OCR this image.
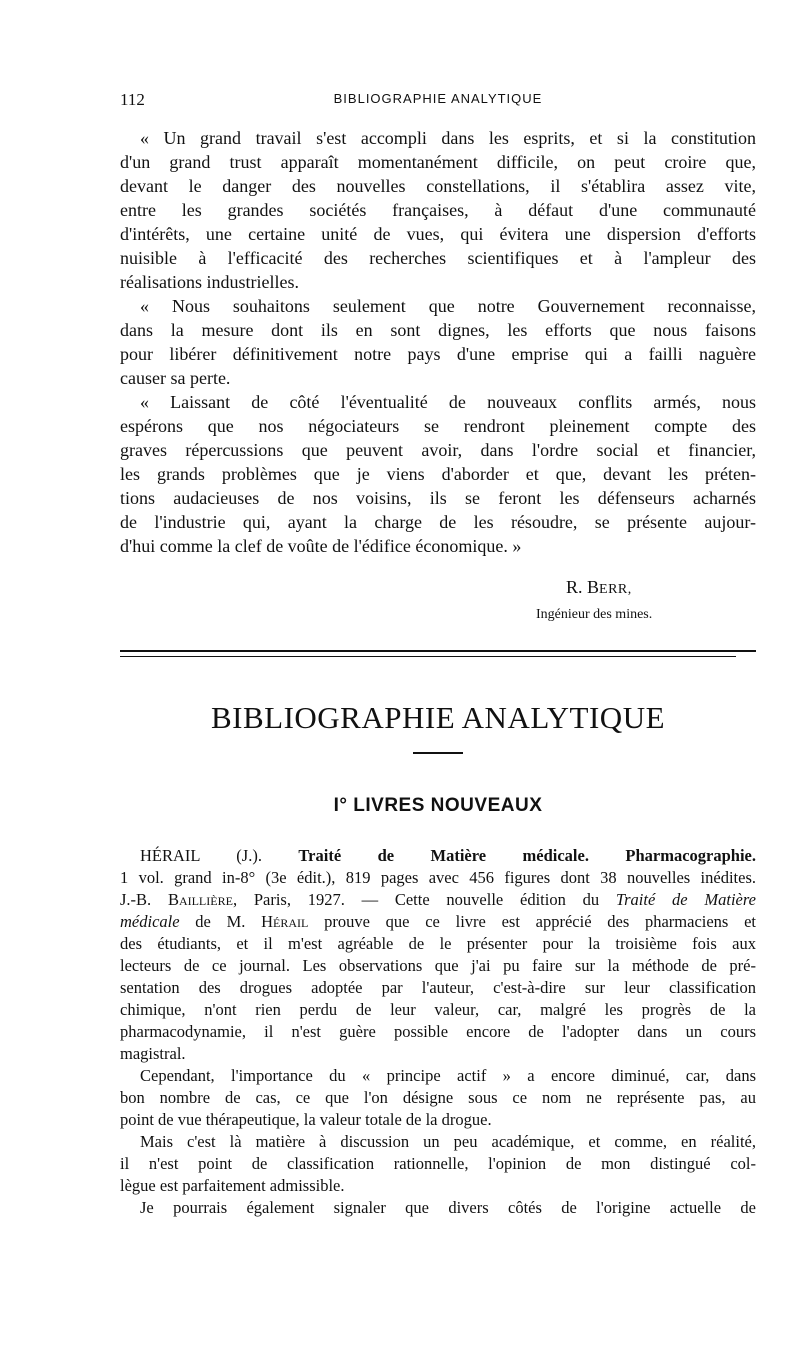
112	BIBLIOGRAPHIE ANALYTIQUE
« Un grand travail s'est accompli dans les esprits, et si la constitution
d'un grand trust apparaît momentanément difficile, on peut croire que,
devant le danger des nouvelles constellations, il s'établira assez vite,
entre les grandes sociétés françaises, à défaut d'une communauté
d'intérêts, une certaine unité de vues, qui évitera une dispersion d'efforts
nuisible à l'efficacité des recherches scientifiques et à l'ampleur des
réalisations industrielles.
« Nous souhaitons seulement que notre Gouvernement reconnaisse,
dans la mesure dont ils en sont dignes, les efforts que nous faisons
pour libérer définitivement notre pays d'une emprise qui a failli naguère
causer sa perte.
« Laissant de côté l'éventualité de nouveaux conflits armés, nous
espérons que nos négociateurs se rendront pleinement compte des
graves répercussions que peuvent avoir, dans l'ordre social et financier,
les grands problèmes que je viens d'aborder et que, devant les préten-
tions audacieuses de nos voisins, ils se feront les défenseurs acharnés
de l'industrie qui, ayant la charge de les résoudre, se présente aujour-
d'hui comme la clef de voûte de l'édifice économique. »
R. BERR,
Ingénieur des mines.
BIBLIOGRAPHIE ANALYTIQUE
I° LIVRES NOUVEAUX
HÉRAIL (J.). Traité de Matière médicale. Pharmacographie.
1 vol. grand in-8° (3e édit.), 819 pages avec 456 figures dont 38 nouvelles inédites.
J.-B. Baillière, Paris, 1927. — Cette nouvelle édition du Traité de Matière
médicale de M. Hérail prouve que ce livre est apprécié des pharmaciens et
des étudiants, et il m'est agréable de le présenter pour la troisième fois aux
lecteurs de ce journal. Les observations que j'ai pu faire sur la méthode de pré-
sentation des drogues adoptée par l'auteur, c'est-à-dire sur leur classification
chimique, n'ont rien perdu de leur valeur, car, malgré les progrès de la
pharmacodynamie, il n'est guère possible encore de l'adopter dans un cours
magistral.
Cependant, l'importance du « principe actif » a encore diminué, car, dans
bon nombre de cas, ce que l'on désigne sous ce nom ne représente pas, au
point de vue thérapeutique, la valeur totale de la drogue.
Mais c'est là matière à discussion un peu académique, et comme, en réalité,
il n'est point de classification rationnelle, l'opinion de mon distingué col-
lègue est parfaitement admissible.
Je pourrais également signaler que divers côtés de l'origine actuelle de
